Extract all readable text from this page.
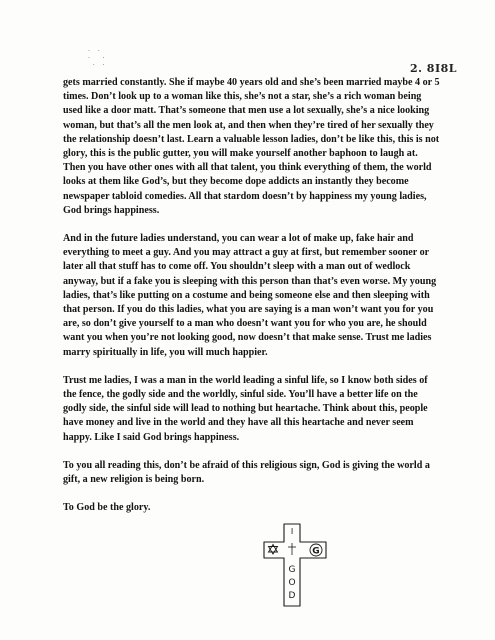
· ·
·  ·
· ·	2. 8I8L

gets married constantly. She if maybe 40 years old and she’s been married maybe 4 or 5 times. Don’t look up to a woman like this, she’s not a star, she’s a rich woman being used like a door matt. That’s someone that men use a lot sexually, she’s a nice looking woman, but that’s all the men look at, and then when they’re tired of her sexually they the relationship doesn’t last. Learn a valuable lesson ladies, don’t be like this, this is not glory, this is the public gutter, you will make yourself another baphoon to laugh at. Then you have other ones with all that talent, you think everything of them, the world looks at them like God’s, but they become dope addicts an instantly they become newspaper tabloid comedies. All that stardom doesn’t by happiness my young ladies, God brings happiness.

And in the future ladies understand, you can wear a lot of make up, fake hair and everything to meet a guy. And you may attract a guy at first, but remember sooner or later all that stuff has to come off. You shouldn’t sleep with a man out of wedlock anyway, but if a fake you is sleeping with this person than that’s even worse. My young ladies, that’s like putting on a costume and being someone else and then sleeping with that person. If you do this ladies, what you are saying is a man won’t want you for you are, so don’t give yourself to a man who doesn’t want you for who you are, he should want you when you’re not looking good, now doesn’t that make sense. Trust me ladies marry spiritually in life, you will much happier.

Trust me ladies, I was a man in the world leading a sinful life, so I know both sides of the fence, the godly side and the worldly, sinful side. You’ll have a better life on the godly side, the sinful side will lead to nothing but heartache. Think about this, people have money and live in the world and they have all this heartache and never seem happy. Like I said God brings happiness.

To you all reading this, don’t be afraid of this religious sign, God is giving the world a gift, a new religion is being born.

To God be the glory.

G
I
G
O
D
